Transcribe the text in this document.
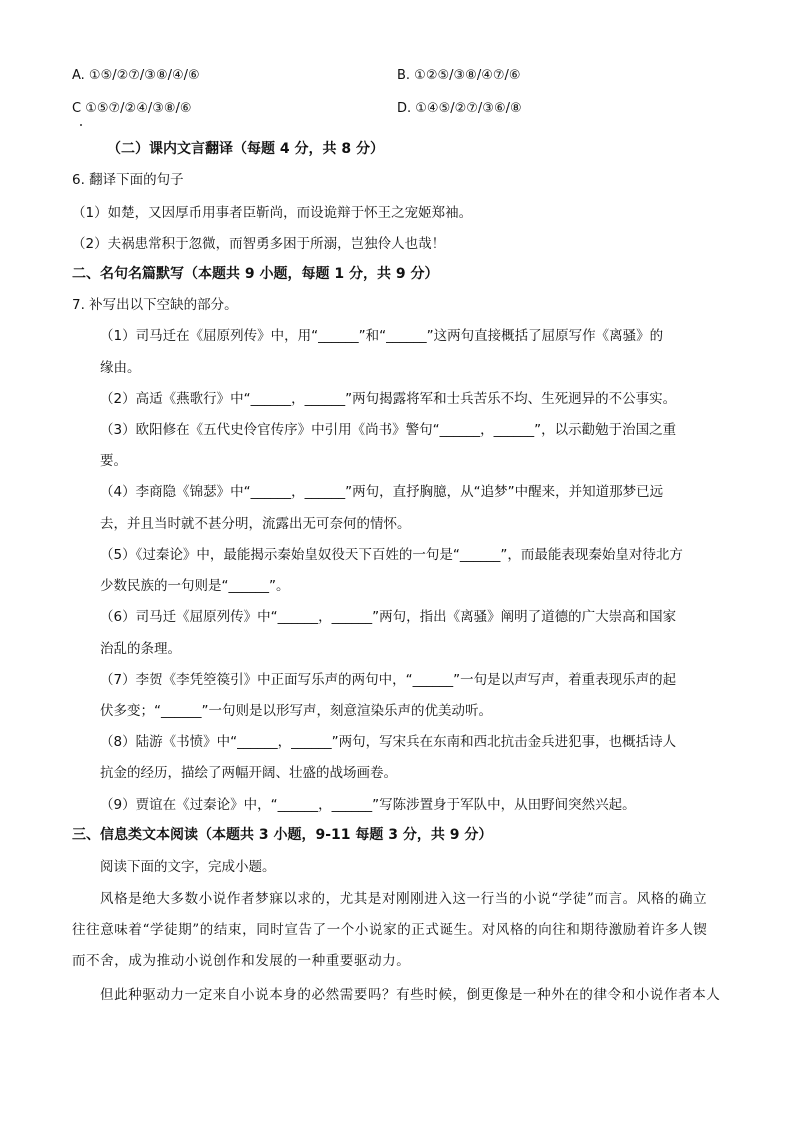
A. ①⑤/②⑦/③⑧/④/⑥	B. ①②⑤/③⑧/④⑦/⑥
C ①⑤⑦/②④/③⑧/⑥	D. ①④⑤/②⑦/③⑥/⑧
（二）课内文言翻译（每题 4 分，共 8 分）
6. 翻译下面的句子
（1）如楚，又因厚币用事者臣靳尚，而设诡辩于怀王之宠姬郑袖。
（2）夫祸患常积于忽微，而智勇多困于所溺，岂独伶人也哉！
二、名句名篇默写（本题共 9 小题，每题 1 分，共 9 分）
7. 补写出以下空缺的部分。
（1）司马迁在《屈原列传》中，用“______”和“______”这两句直接概括了屈原写作《离骚》的
缘由。
（2）高适《燕歌行》中“______，______”两句揭露将军和士兵苦乐不均、生死迥异的不公事实。
（3）欧阳修在《五代史伶官传序》中引用《尚书》警句“______，______”，以示勸勉于治国之重
要。
（4）李商隐《锦瑟》中“______，______”两句，直抒胸臆，从“追梦”中醒来，并知道那梦已远
去，并且当时就不甚分明，流露出无可奈何的情怀。
（5）《过秦论》中，最能揭示秦始皇奴役天下百姓的一句是“______”，而最能表现秦始皇对待北方
少数民族的一句则是“______”。
（6）司马迁《屈原列传》中“______，______”两句，指出《离骚》阐明了道德的广大崇高和国家
治乱的条理。
（7）李贺《李凭箜篌引》中正面写乐声的两句中，“______”一句是以声写声，着重表现乐声的起
伏多变；“______”一句则是以形写声，刻意渲染乐声的优美动听。
（8）陆游《书愤》中“______，______”两句，写宋兵在东南和西北抗击金兵进犯事，也概括诗人
抗金的经历，描绘了两幅开阔、壮盛的战场画卷。
（9）贾谊在《过秦论》中，“______，______”写陈涉置身于军队中，从田野间突然兴起。
三、信息类文本阅读（本题共 3 小题，9-11 每题 3 分，共 9 分）
阅读下面的文字，完成小题。
风格是绝大多数小说作者梦寐以求的，尤其是对刚刚进入这一行当的小说“学徒”而言。风格的确立
往往意味着“学徒期”的结束，同时宣告了一个小说家的正式诞生。对风格的向往和期待激励着许多人锲
而不舍，成为推动小说创作和发展的一种重要驱动力。
但此种驱动力一定来自小说本身的必然需要吗？有些时候，倒更像是一种外在的律令和小说作者本人
